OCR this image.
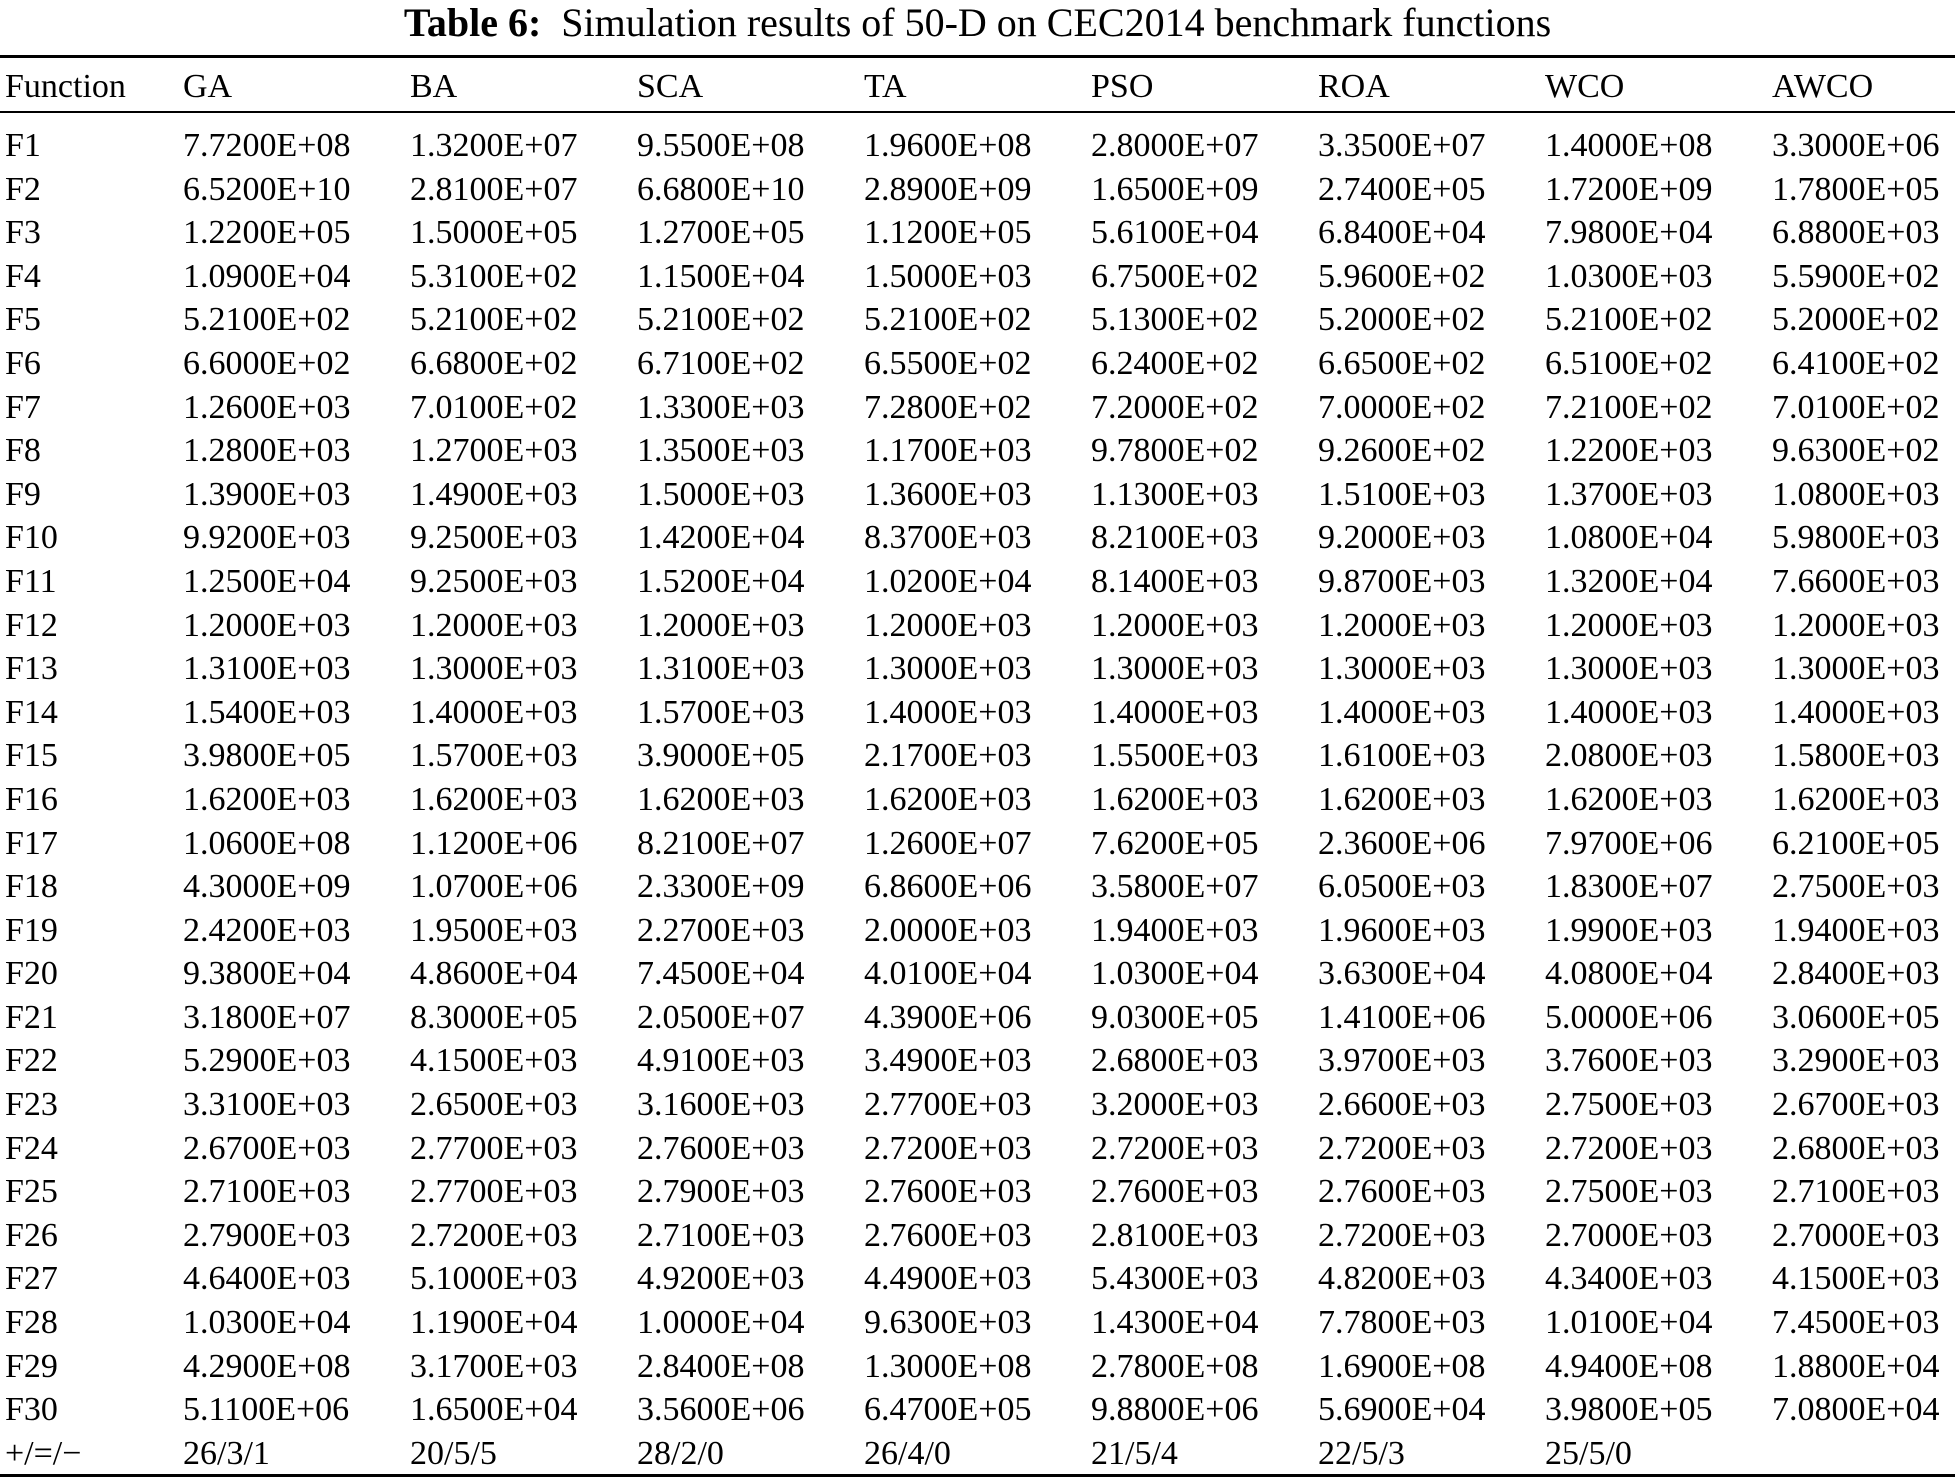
Table 6: Simulation results of 50-D on CEC2014 benchmark functions
Function	GA	BA	SCA	TA	PSO	ROA	WCO	AWCO

F1	7.7200E+08	1.3200E+07	9.5500E+08	1.9600E+08	2.8000E+07	3.3500E+07	1.4000E+08	3.3000E+06
F2	6.5200E+10	2.8100E+07	6.6800E+10	2.8900E+09	1.6500E+09	2.7400E+05	1.7200E+09	1.7800E+05
F3	1.2200E+05	1.5000E+05	1.2700E+05	1.1200E+05	5.6100E+04	6.8400E+04	7.9800E+04	6.8800E+03
F4	1.0900E+04	5.3100E+02	1.1500E+04	1.5000E+03	6.7500E+02	5.9600E+02	1.0300E+03	5.5900E+02
F5	5.2100E+02	5.2100E+02	5.2100E+02	5.2100E+02	5.1300E+02	5.2000E+02	5.2100E+02	5.2000E+02
F6	6.6000E+02	6.6800E+02	6.7100E+02	6.5500E+02	6.2400E+02	6.6500E+02	6.5100E+02	6.4100E+02
F7	1.2600E+03	7.0100E+02	1.3300E+03	7.2800E+02	7.2000E+02	7.0000E+02	7.2100E+02	7.0100E+02
F8	1.2800E+03	1.2700E+03	1.3500E+03	1.1700E+03	9.7800E+02	9.2600E+02	1.2200E+03	9.6300E+02
F9	1.3900E+03	1.4900E+03	1.5000E+03	1.3600E+03	1.1300E+03	1.5100E+03	1.3700E+03	1.0800E+03
F10	9.9200E+03	9.2500E+03	1.4200E+04	8.3700E+03	8.2100E+03	9.2000E+03	1.0800E+04	5.9800E+03
F11	1.2500E+04	9.2500E+03	1.5200E+04	1.0200E+04	8.1400E+03	9.8700E+03	1.3200E+04	7.6600E+03
F12	1.2000E+03	1.2000E+03	1.2000E+03	1.2000E+03	1.2000E+03	1.2000E+03	1.2000E+03	1.2000E+03
F13	1.3100E+03	1.3000E+03	1.3100E+03	1.3000E+03	1.3000E+03	1.3000E+03	1.3000E+03	1.3000E+03
F14	1.5400E+03	1.4000E+03	1.5700E+03	1.4000E+03	1.4000E+03	1.4000E+03	1.4000E+03	1.4000E+03
F15	3.9800E+05	1.5700E+03	3.9000E+05	2.1700E+03	1.5500E+03	1.6100E+03	2.0800E+03	1.5800E+03
F16	1.6200E+03	1.6200E+03	1.6200E+03	1.6200E+03	1.6200E+03	1.6200E+03	1.6200E+03	1.6200E+03
F17	1.0600E+08	1.1200E+06	8.2100E+07	1.2600E+07	7.6200E+05	2.3600E+06	7.9700E+06	6.2100E+05
F18	4.3000E+09	1.0700E+06	2.3300E+09	6.8600E+06	3.5800E+07	6.0500E+03	1.8300E+07	2.7500E+03
F19	2.4200E+03	1.9500E+03	2.2700E+03	2.0000E+03	1.9400E+03	1.9600E+03	1.9900E+03	1.9400E+03
F20	9.3800E+04	4.8600E+04	7.4500E+04	4.0100E+04	1.0300E+04	3.6300E+04	4.0800E+04	2.8400E+03
F21	3.1800E+07	8.3000E+05	2.0500E+07	4.3900E+06	9.0300E+05	1.4100E+06	5.0000E+06	3.0600E+05
F22	5.2900E+03	4.1500E+03	4.9100E+03	3.4900E+03	2.6800E+03	3.9700E+03	3.7600E+03	3.2900E+03
F23	3.3100E+03	2.6500E+03	3.1600E+03	2.7700E+03	3.2000E+03	2.6600E+03	2.7500E+03	2.6700E+03
F24	2.6700E+03	2.7700E+03	2.7600E+03	2.7200E+03	2.7200E+03	2.7200E+03	2.7200E+03	2.6800E+03
F25	2.7100E+03	2.7700E+03	2.7900E+03	2.7600E+03	2.7600E+03	2.7600E+03	2.7500E+03	2.7100E+03
F26	2.7900E+03	2.7200E+03	2.7100E+03	2.7600E+03	2.8100E+03	2.7200E+03	2.7000E+03	2.7000E+03
F27	4.6400E+03	5.1000E+03	4.9200E+03	4.4900E+03	5.4300E+03	4.8200E+03	4.3400E+03	4.1500E+03
F28	1.0300E+04	1.1900E+04	1.0000E+04	9.6300E+03	1.4300E+04	7.7800E+03	1.0100E+04	7.4500E+03
F29	4.2900E+08	3.1700E+03	2.8400E+08	1.3000E+08	2.7800E+08	1.6900E+08	4.9400E+08	1.8800E+04
F30	5.1100E+06	1.6500E+04	3.5600E+06	6.4700E+05	9.8800E+06	5.6900E+04	3.9800E+05	7.0800E+04
+/=/−	26/3/1	20/5/5	28/2/0	26/4/0	21/5/4	22/5/3	25/5/0	
